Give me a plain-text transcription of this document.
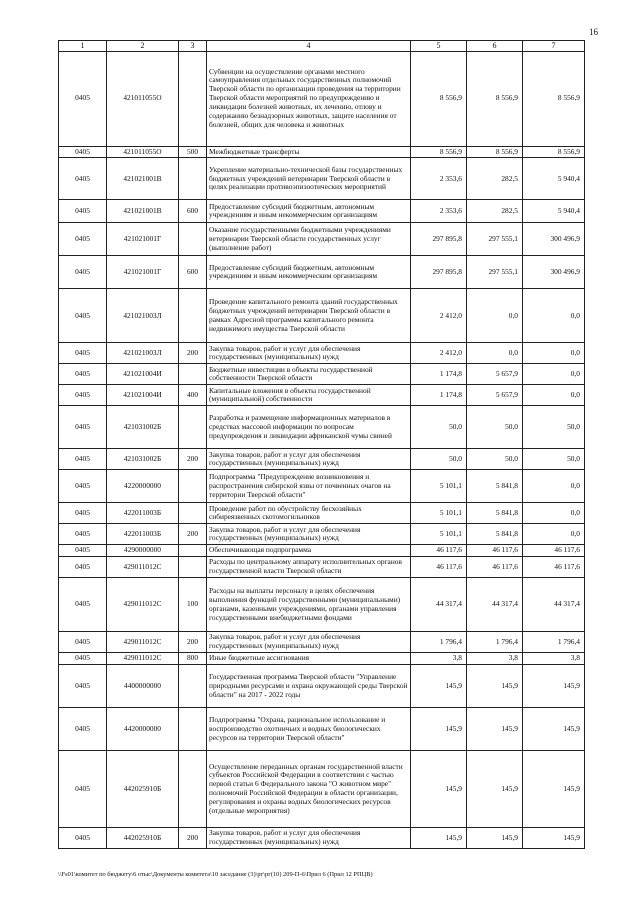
16
1	2	3	4	5	6	7
0405	421011055О		Субвенции на осуществление органами местного самоуправления отдельных государственных полномочий Тверской области по организации проведения на территории Тверской области мероприятий по предупреждению и ликвидации болезней животных, их лечению, отлову и содержанию безнадзорных животных, защите населения от болезней, общих для человека и животных	8 556,9	8 556,9	8 556,9
0405	421011055О	500	Межбюджетные трансферты	8 556,9	8 556,9	8 556,9
0405	421021001В		Укрепление материально-технической базы государственных бюджетных учреждений ветеринарии Тверской области в целях реализации противоэпизоотических мероприятий	2 353,6	282,5	5 940,4
0405	421021001В	600	Предоставление субсидий бюджетным, автономным учреждениям и иным некоммерческим организациям	2 353,6	282,5	5 940,4
0405	421021001Г		Оказание государственными бюджетными учреждениями ветеринарии Тверской области государственных услуг (выполнение работ)	297 895,8	297 555,1	300 496,9
0405	421021001Г	600	Предоставление субсидий бюджетным, автономным учреждениям и иным некоммерческим организациям	297 895,8	297 555,1	300 496,9
0405	421021003Л		Проведение капитального ремонта зданий государственных бюджетных учреждений ветеринарии Тверской области в рамках Адресной программы капитального ремонта недвижимого имущества Тверской области	2 412,0	0,0	0,0
0405	421021003Л	200	Закупка товаров, работ и услуг для обеспечения государственных (муниципальных) нужд	2 412,0	0,0	0,0
0405	421021004И		Бюджетные инвестиции в объекты государственной собственности Тверской области	1 174,8	5 657,9	0,0
0405	421021004И	400	Капитальные вложения в объекты государственной (муниципальной) собственности	1 174,8	5 657,9	0,0
0405	421031002Б		Разработка и размещение информационных материалов в средствах массовой информации по вопросам предупреждения и ликвидации африканской чумы свиней	50,0	50,0	50,0
0405	421031002Б	200	Закупка товаров, работ и услуг для обеспечения государственных (муниципальных) нужд	50,0	50,0	50,0
0405	4220000000		Подпрограмма "Предупреждение возникновения и распространения сибирской язвы от почвенных очагов на территории Тверской области"	5 101,1	5 841,8	0,0
0405	422011003Б		Проведение работ по обустройству бесхозяйных сибиреязвенных скотомогильников	5 101,1	5 841,8	0,0
0405	422011003Б	200	Закупка товаров, работ и услуг для обеспечения государственных (муниципальных) нужд	5 101,1	5 841,8	0,0
0405	4290000000		Обеспечивающая подпрограмма	46 117,6	46 117,6	46 117,6
0405	429011012С		Расходы по центральному аппарату исполнительных органов государственной власти Тверской области	46 117,6	46 117,6	46 117,6
0405	429011012С	100	Расходы на выплаты персоналу в целях обеспечения выполнения функций государственными (муниципальными) органами, казенными учреждениями, органами управления государственными внебюджетными фондами	44 317,4	44 317,4	44 317,4
0405	429011012С	200	Закупка товаров, работ и услуг для обеспечения государственных (муниципальных) нужд	1 796,4	1 796,4	1 796,4
0405	429011012С	800	Иные бюджетные ассигнования	3,8	3,8	3,8
0405	4400000000		Государственная программа Тверской области "Управление природными ресурсами и охрана окружающей среды Тверской области" на 2017 - 2022 годы	145,9	145,9	145,9
0405	4420000000		Подпрограмма "Охрана, рациональное использование и воспроизводство охотничьих и водных биологических ресурсов на территории Тверской области"	145,9	145,9	145,9
0405	442025910Б		Осуществление переданных органам государственной власти субъектов Российской Федерации в соответствии с частью первой статьи 6 Федерального закона "О животном мире" полномочий Российской Федерации в области организации, регулирования и охраны водных биологических ресурсов (отдельные мероприятия)	145,9	145,9	145,9
0405	442025910Б	200	Закупка товаров, работ и услуг для обеспечения государственных (муниципальных) нужд	145,9	145,9	145,9
\\Fs01\комитет по бюджету\6 отыс\Документы комитета\10 заседание (3)\рг\рг(10) 209-П-6\Прил 6 (Прил 12 РПЦВ)
